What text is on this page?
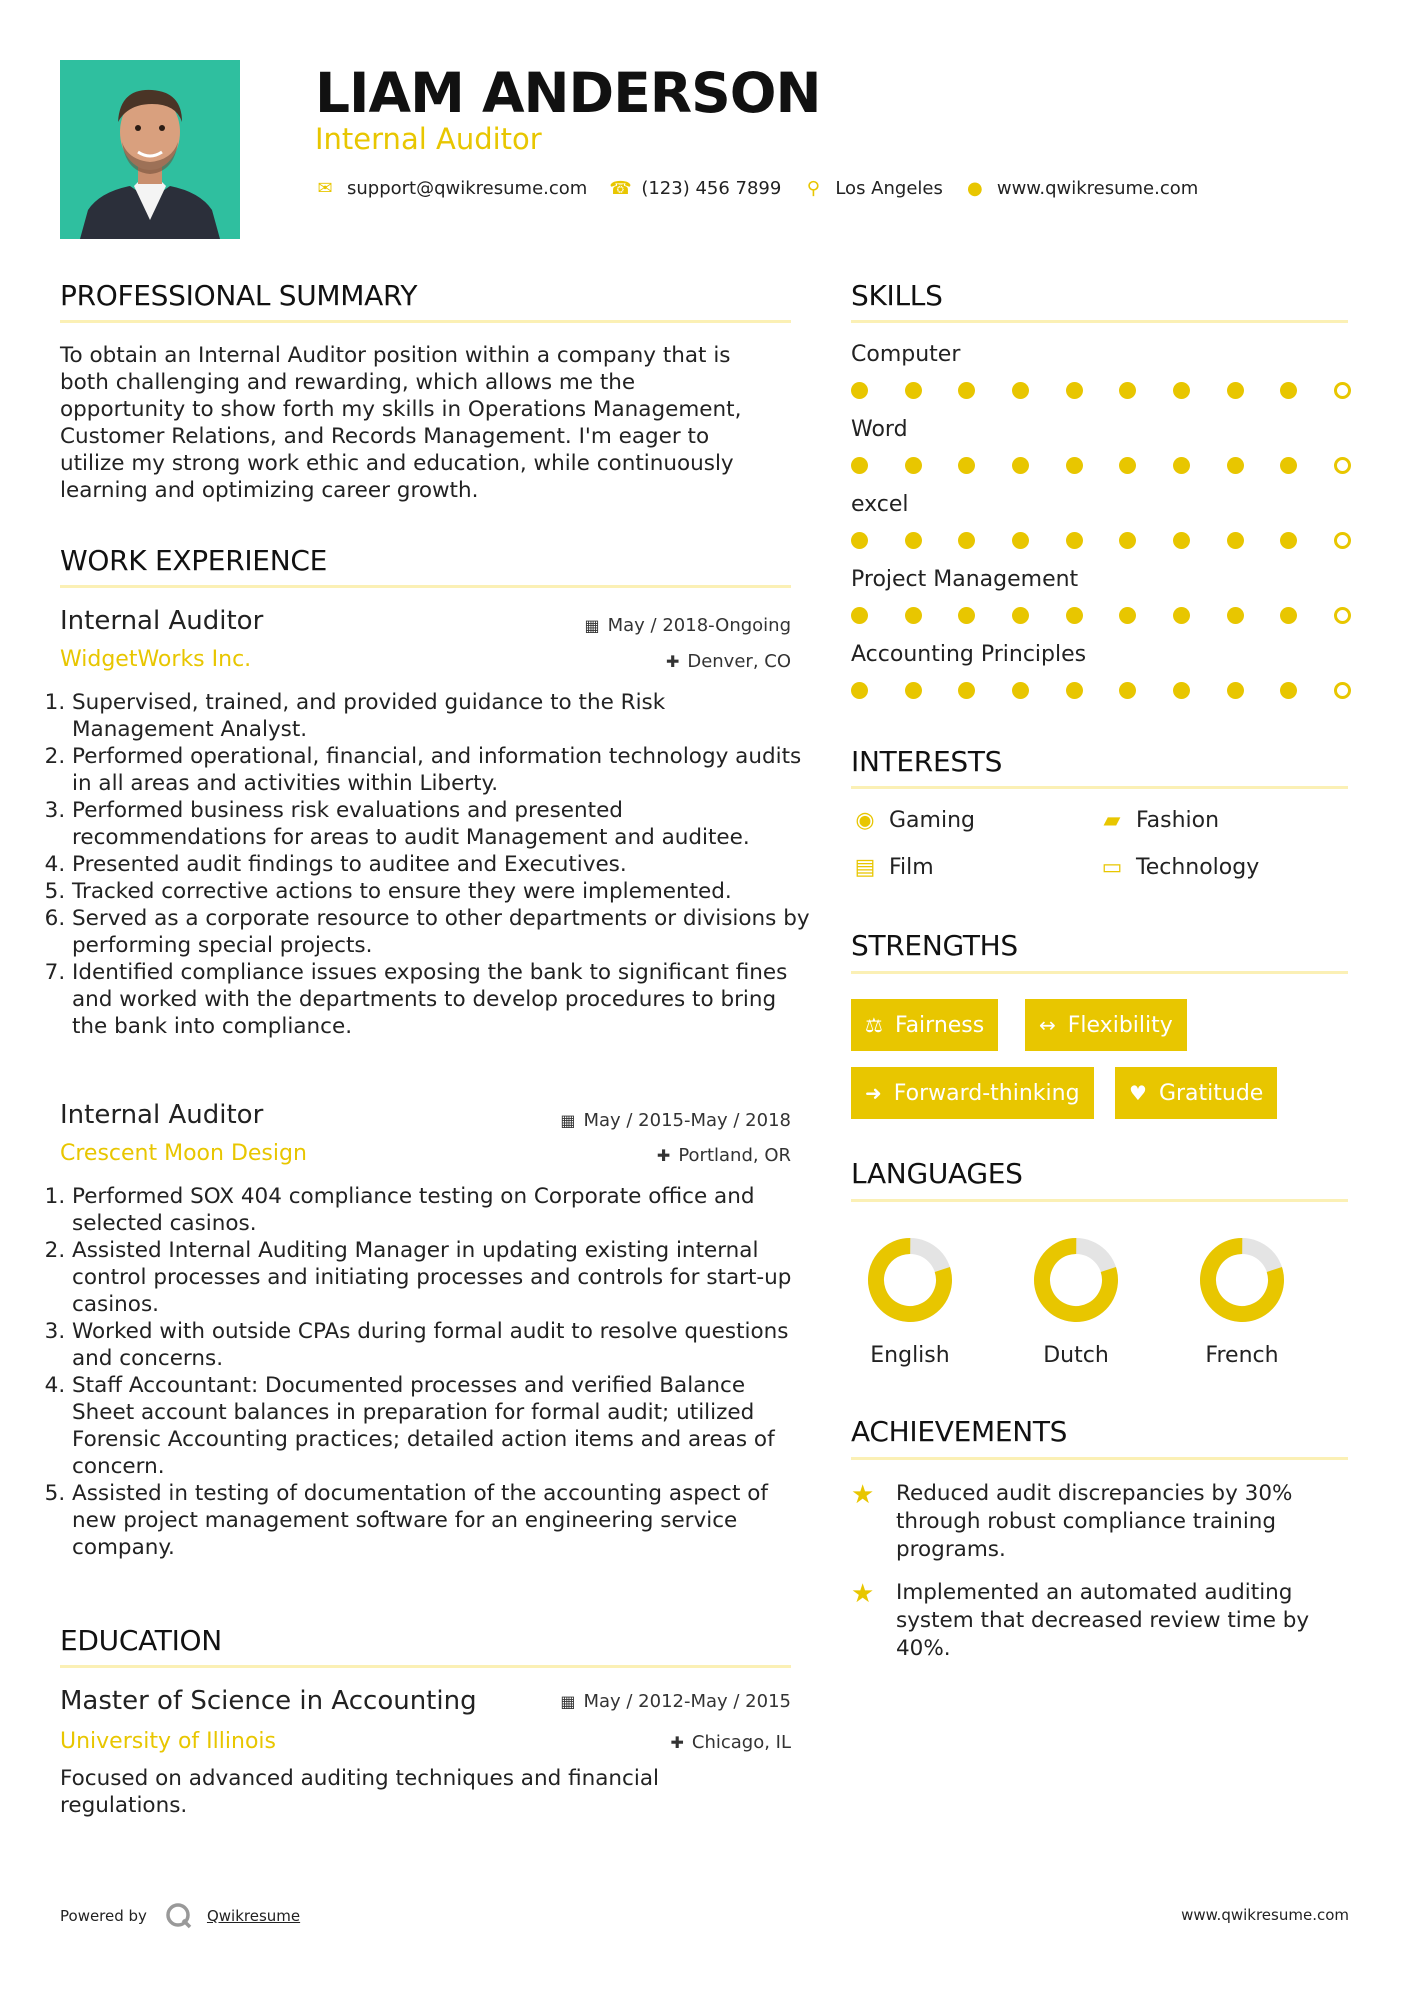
LIAM ANDERSON
Internal Auditor
✉ support@qwikresume.com ☎ (123) 456 7899 ⚲ Los Angeles ● www.qwikresume.com
PROFESSIONAL SUMMARY
To obtain an Internal Auditor position within a company that is
both challenging and rewarding, which allows me the
opportunity to show forth my skills in Operations Management,
Customer Relations, and Records Management. I'm eager to
utilize my strong work ethic and education, while continuously
learning and optimizing career growth.
WORK EXPERIENCE
Internal Auditor	▦ May / 2018-Ongoing
WidgetWorks Inc.	✚ Denver, CO
1. Supervised, trained, and provided guidance to the Risk Management Analyst.
2. Performed operational, financial, and information technology audits in all areas and activities within Liberty.
3. Performed business risk evaluations and presented recommendations for areas to audit Management and auditee.
4. Presented audit findings to auditee and Executives.
5. Tracked corrective actions to ensure they were implemented.
6. Served as a corporate resource to other departments or divisions by performing special projects.
7. Identified compliance issues exposing the bank to significant fines and worked with the departments to develop procedures to bring the bank into compliance.
Internal Auditor	▦ May / 2015-May / 2018
Crescent Moon Design	✚ Portland, OR
1. Performed SOX 404 compliance testing on Corporate office and selected casinos.
2. Assisted Internal Auditing Manager in updating existing internal control processes and initiating processes and controls for start-up casinos.
3. Worked with outside CPAs during formal audit to resolve questions and concerns.
4. Staff Accountant: Documented processes and verified Balance Sheet account balances in preparation for formal audit; utilized Forensic Accounting practices; detailed action items and areas of concern.
5. Assisted in testing of documentation of the accounting aspect of new project management software for an engineering service company.
EDUCATION
Master of Science in Accounting	▦ May / 2012-May / 2015
University of Illinois	✚ Chicago, IL
Focused on advanced auditing techniques and financial
regulations.
SKILLS
Computer
Word
excel
Project Management
Accounting Principles
INTERESTS
◉ Gaming	▰ Fashion
▤ Film	▭ Technology
STRENGTHS
⚖ Fairness	↔ Flexibility
➜ Forward-thinking ♥ Gratitude
LANGUAGES
English	Dutch	French
ACHIEVEMENTS
★	Reduced audit discrepancies by 30%
through robust compliance training
programs.
★	Implemented an automated auditing
system that decreased review time by
40%.
Powered by	Qwikresume	www.qwikresume.com
